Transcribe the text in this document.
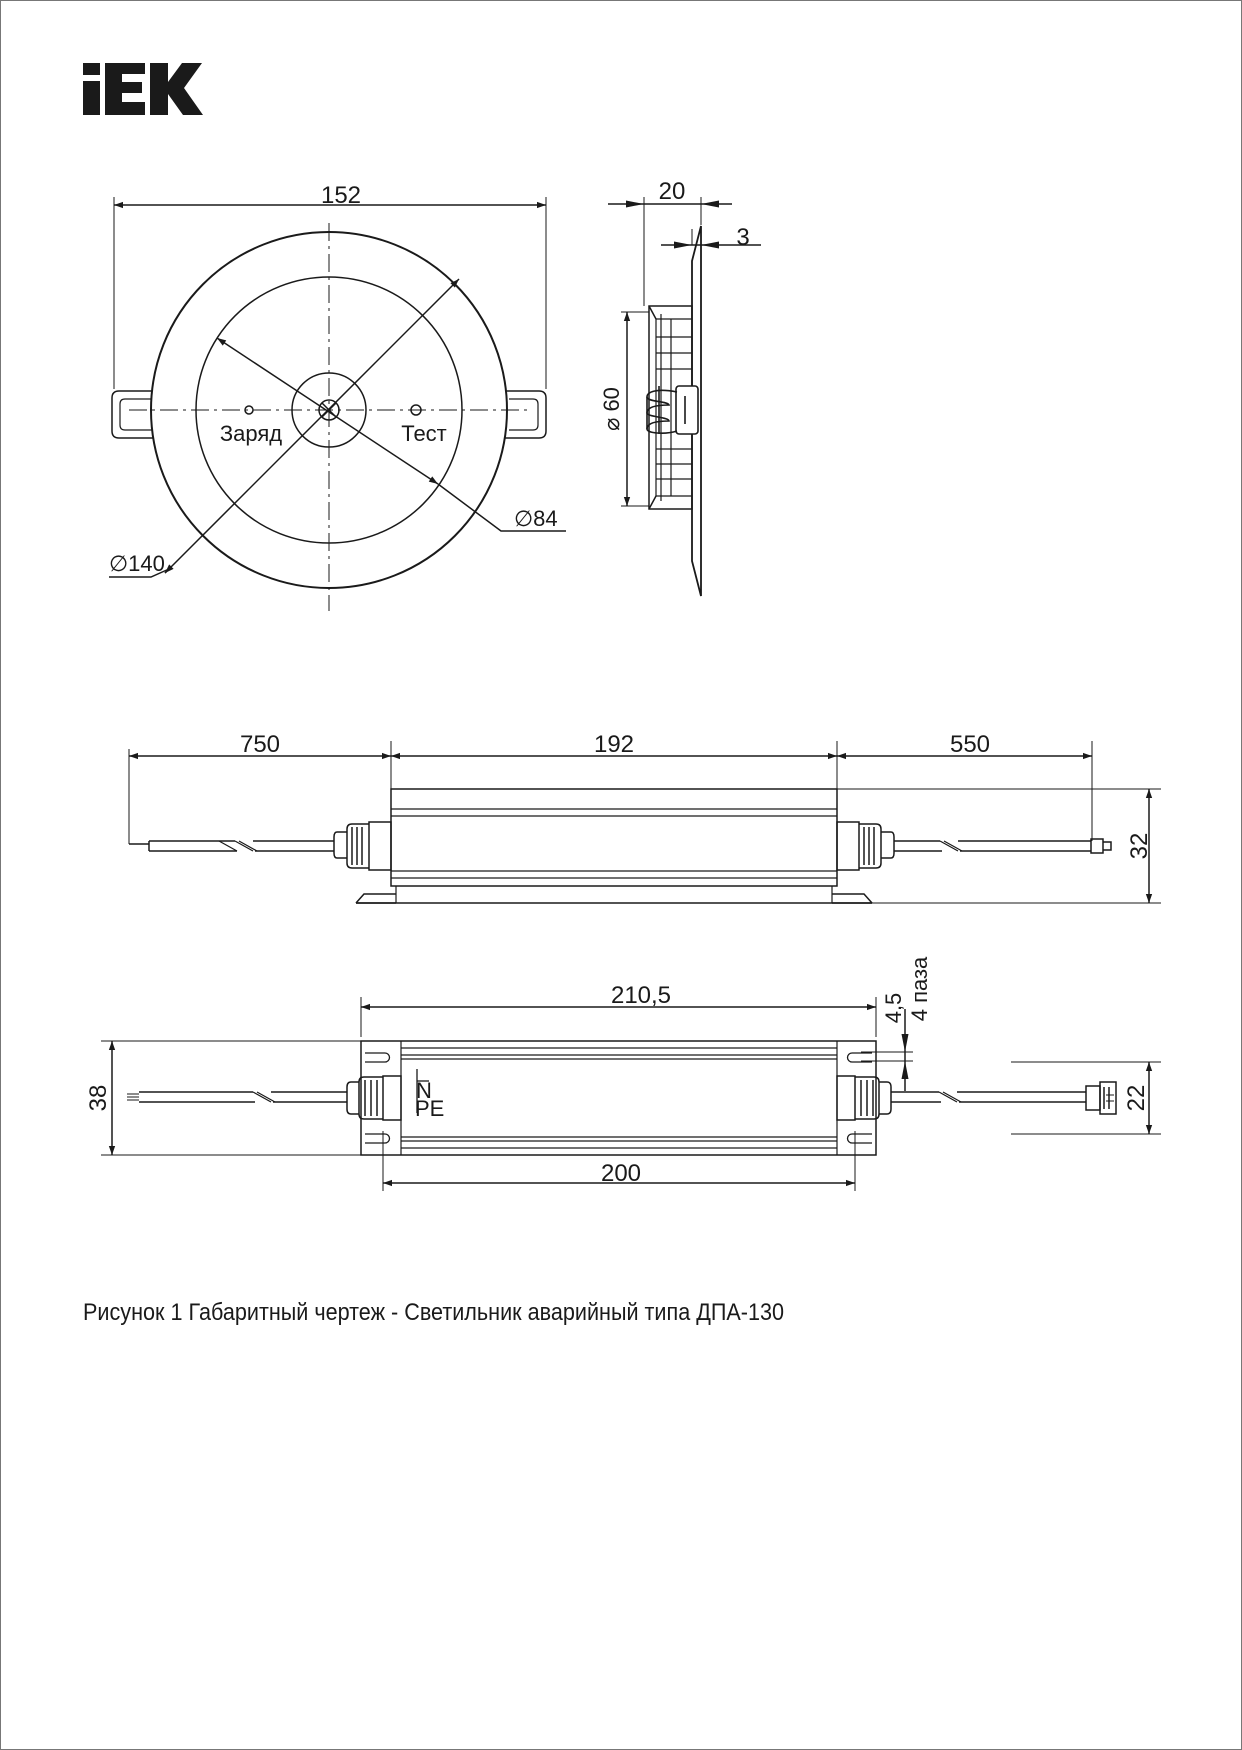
152
Заряд	Тест
∅140
∅84
20
3
⌀ 60
750	192	550
32
210,5
200
38	22
4,5 4 паза
N
PE
Рисунок 1 Габаритный чертеж - Светильник аварийный типа ДПА-130
